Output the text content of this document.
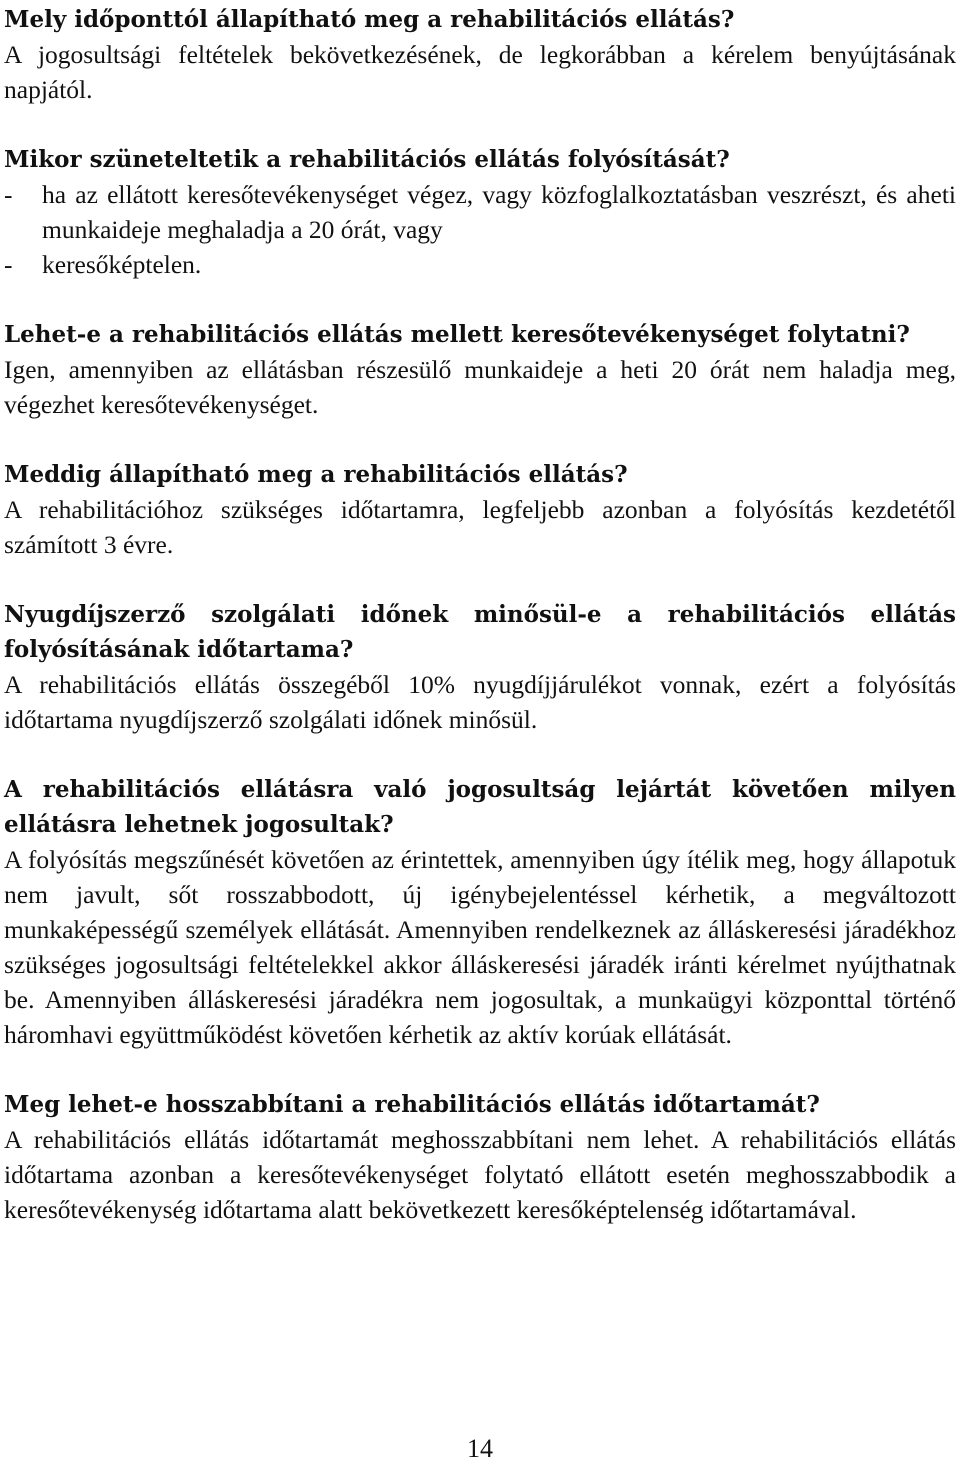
Mely időponttól állapítható meg a rehabilitációs ellátás?

A jogosultsági feltételek bekövetkezésének, de legkorábban a kérelem benyújtásának napjától.

Mikor szüneteltetik a rehabilitációs ellátás folyósítását?

-	ha az ellátott keresőtevékenységet végez, vagy közfoglalkoztatásban veszrészt, és aheti munkaideje meghaladja a 20 órát, vagy
-	keresőképtelen.

Lehet-e a rehabilitációs ellátás mellett keresőtevékenységet folytatni?

Igen, amennyiben az ellátásban részesülő munkaideje a heti 20 órát nem haladja meg, végezhet keresőtevékenységet.

Meddig állapítható meg a rehabilitációs ellátás?

A rehabilitációhoz szükséges időtartamra, legfeljebb azonban a folyósítás kezdetétől számított 3 évre.

Nyugdíjszerző szolgálati időnek minősül-e a rehabilitációs ellátás folyósításának időtartama?

A rehabilitációs ellátás összegéből 10% nyugdíjjárulékot vonnak, ezért a folyósítás időtartama nyugdíjszerző szolgálati időnek minősül.

A rehabilitációs ellátásra való jogosultság lejártát követően milyen ellátásra lehetnek jogosultak?

A folyósítás megszűnését követően az érintettek, amennyiben úgy ítélik meg, hogy állapotuk nem javult, sőt rosszabbodott, új igénybejelentéssel kérhetik, a megváltozott munkaképességű személyek ellátását. Amennyiben rendelkeznek az álláskeresési járadékhoz szükséges jogosultsági feltételekkel akkor álláskeresési járadék iránti kérelmet nyújthatnak be. Amennyiben álláskeresési járadékra nem jogosultak, a munkaügyi központtal történő háromhavi együttműködést követően kérhetik az aktív korúak ellátását.

Meg lehet-e hosszabbítani a rehabilitációs ellátás időtartamát?

A rehabilitációs ellátás időtartamát meghosszabbítani nem lehet. A rehabilitációs ellátás időtartama azonban a keresőtevékenységet folytató ellátott esetén meghosszabbodik a keresőtevékenység időtartama alatt bekövetkezett keresőképtelenség időtartamával.

14
